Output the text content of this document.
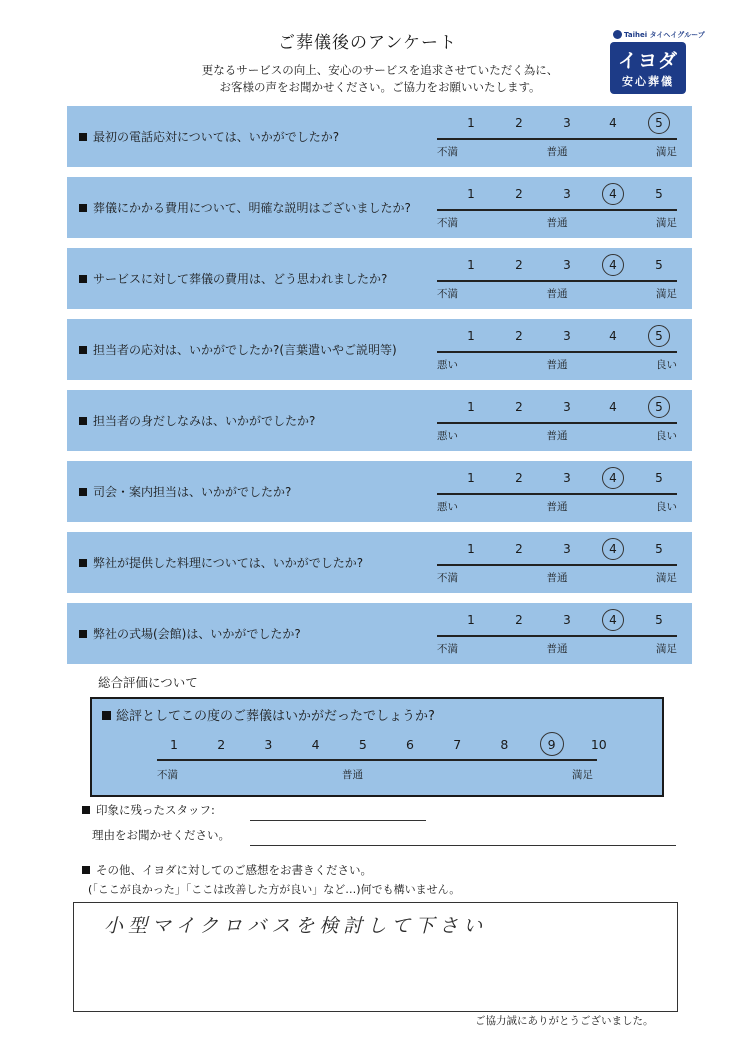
ご葬儀後のアンケート
更なるサービスの向上、安心のサービスを追求させていただく為に、
お客様の声をお聞かせください。ご協力をお願いいたします。
Taihei タイヘイグループ
イヨダ
安心葬儀
最初の電話応対については、いかがでしたか?
不満	普通	満足
1	2	3	4	5
葬儀にかかる費用について、明確な説明はございましたか?
不満	普通	満足
1	2	3	4	5
サービスに対して葬儀の費用は、どう思われましたか?
不満	普通	満足
1	2	3	4	5
担当者の応対は、いかがでしたか?(言葉遣いやご説明等)
悪い	普通	良い
1	2	3	4	5
担当者の身だしなみは、いかがでしたか?
悪い	普通	良い
1	2	3	4	5
司会・案内担当は、いかがでしたか?
悪い	普通	良い
1	2	3	4	5
弊社が提供した料理については、いかがでしたか?
不満	普通	満足
1	2	3	4	5
弊社の式場(会館)は、いかがでしたか?
不満	普通	満足
1	2	3	4	5
総合評価について
総評としてこの度のご葬儀はいかがだったでしょうか?
不満	普通	満足
1	2	3	4	5	6	7	8	9	10
印象に残ったスタッフ:
理由をお聞かせください。
その他、イヨダに対してのご感想をお書きください。
(「ここが良かった」「ここは改善した方が良い」など…)何でも構いません。
小型マイクロバスを検討して下さい
ご協力誠にありがとうございました。
